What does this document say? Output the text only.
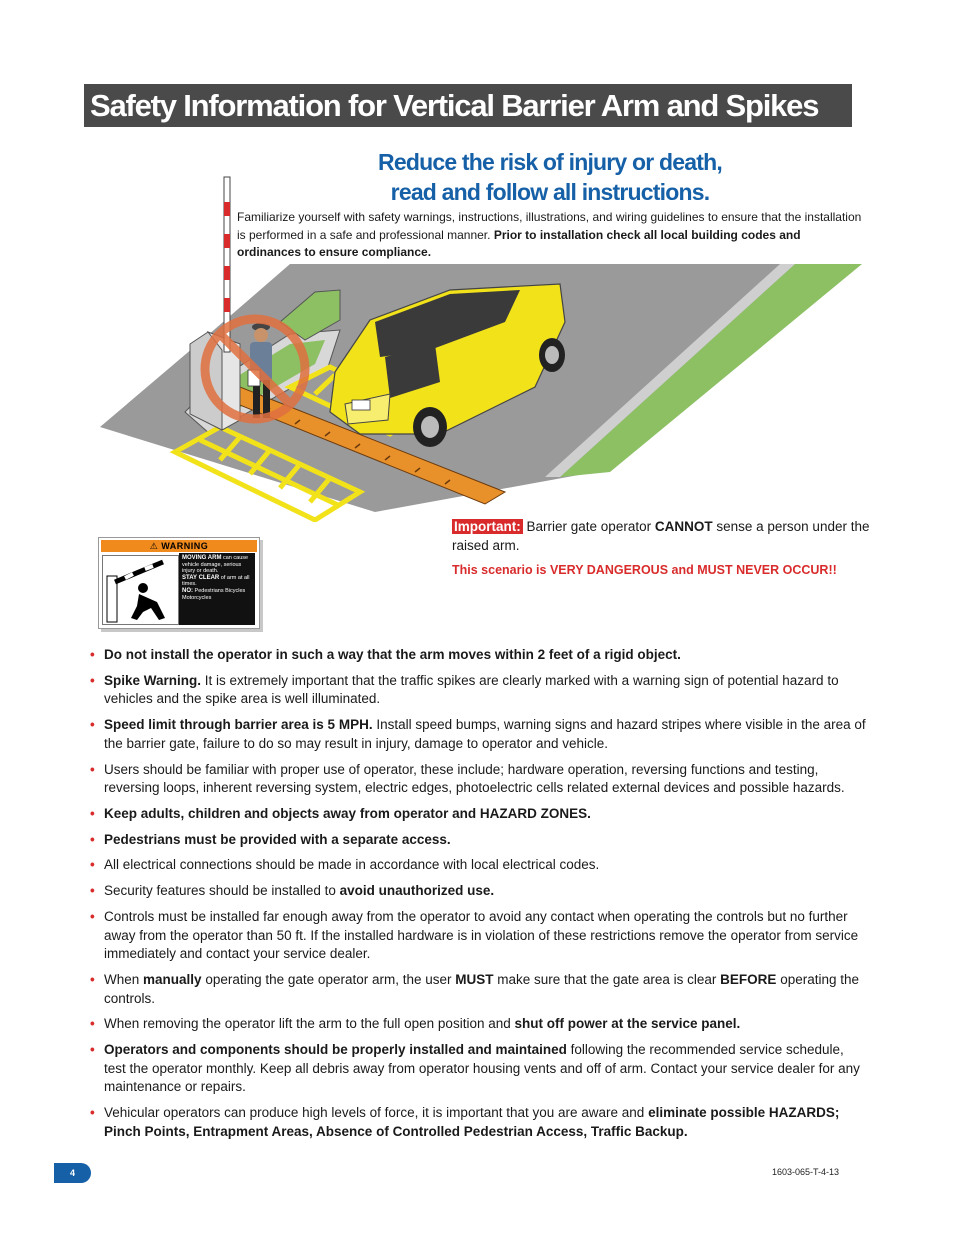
Safety Information for Vertical Barrier Arm and Spikes
Reduce the risk of injury or death,
read and follow all instructions.
Familiarize yourself with safety warnings, instructions, illustrations, and wiring guidelines to ensure that the installation is performed in a safe and professional manner. Prior to installation check all local building codes and ordinances to ensure compliance.
⚠ WARNING
MOVING ARM can cause vehicle damage, serious injury or death.
STAY CLEAR of arm at all times.
NO: Pedestrians Bicycles Motorcycles
Important: Barrier gate operator CANNOT sense a person under the raised arm.
This scenario is VERY DANGEROUS and MUST NEVER OCCUR!!
• Do not install the operator in such a way that the arm moves within 2 feet of a rigid object.
• Spike Warning. It is extremely important that the traffic spikes are clearly marked with a warning sign of potential hazard to vehicles and the spike area is well illuminated.
• Speed limit through barrier area is 5 MPH. Install speed bumps, warning signs and hazard stripes where visible in the area of the barrier gate, failure to do so may result in injury, damage to operator and vehicle.
• Users should be familiar with proper use of operator, these include; hardware operation, reversing functions and testing, reversing loops, inherent reversing system, electric edges, photoelectric cells related external devices and possible hazards.
• Keep adults, children and objects away from operator and HAZARD ZONES.
• Pedestrians must be provided with a separate access.
• All electrical connections should be made in accordance with local electrical codes.
• Security features should be installed to avoid unauthorized use.
• Controls must be installed far enough away from the operator to avoid any contact when operating the controls but no further away from the operator than 50 ft. If the installed hardware is in violation of these restrictions remove the operator from service immediately and contact your service dealer.
• When manually operating the gate operator arm, the user MUST make sure that the gate area is clear BEFORE operating the controls.
• When removing the operator lift the arm to the full open position and shut off power at the service panel.
• Operators and components should be properly installed and maintained following the recommended service schedule, test the operator monthly. Keep all debris away from operator housing vents and off of arm. Contact your service dealer for any maintenance or repairs.
• Vehicular operators can produce high levels of force, it is important that you are aware and eliminate possible HAZARDS; Pinch Points, Entrapment Areas, Absence of Controlled Pedestrian Access, Traffic Backup.
4	1603-065-T-4-13
